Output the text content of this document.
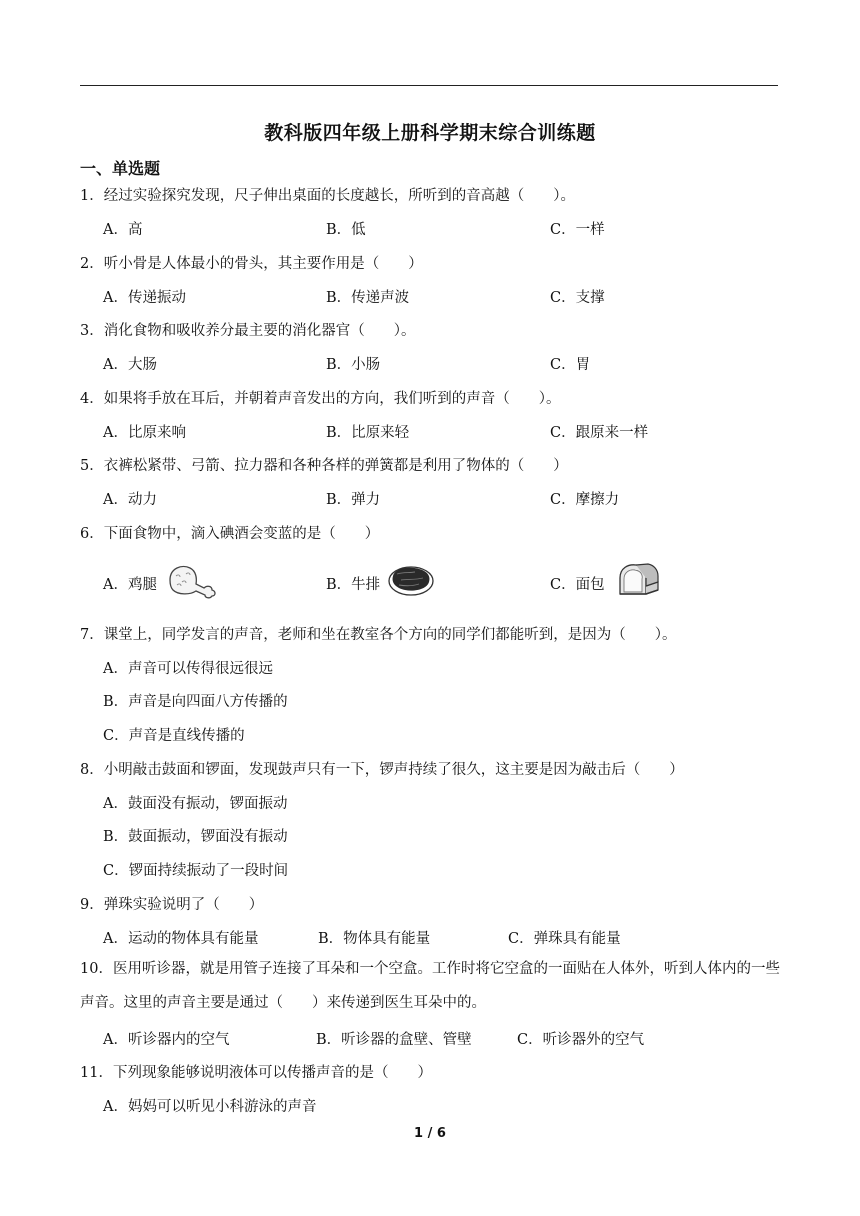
教科版四年级上册科学期末综合训练题
一、单选题
1．经过实验探究发现，尺子伸出桌面的长度越长，所听到的音高越（　　）。
A．高	B．低	C．一样
2．听小骨是人体最小的骨头，其主要作用是（　　）
A．传递振动	B．传递声波	C．支撑
3．消化食物和吸收养分最主要的消化器官（　　）。
A．大肠	B．小肠	C．胃
4．如果将手放在耳后，并朝着声音发出的方向，我们听到的声音（　　）。
A．比原来响	B．比原来轻	C．跟原来一样
5．衣裤松紧带、弓箭、拉力器和各种各样的弹簧都是利用了物体的（　　）
A．动力	B．弹力	C．摩擦力
6．下面食物中，滴入碘酒会变蓝的是（　　）
A．鸡腿	B．牛排	C．面包
7．课堂上，同学发言的声音，老师和坐在教室各个方向的同学们都能听到，是因为（　　）。
A．声音可以传得很远很远
B．声音是向四面八方传播的
C．声音是直线传播的
8．小明敲击鼓面和锣面，发现鼓声只有一下，锣声持续了很久，这主要是因为敲击后（　　）
A．鼓面没有振动，锣面振动
B．鼓面振动，锣面没有振动
C．锣面持续振动了一段时间
9．弹珠实验说明了（　　）
A．运动的物体具有能量	B．物体具有能量	C．弹珠具有能量
10．医用听诊器，就是用管子连接了耳朵和一个空盒。工作时将它空盒的一面贴在人体外，听到人体内的一些声音。这里的声音主要是通过（　　）来传递到医生耳朵中的。
A．听诊器内的空气	B．听诊器的盒壁、管壁	C．听诊器外的空气
11．下列现象能够说明液体可以传播声音的是（　　）
A．妈妈可以听见小科游泳的声音
1 / 6
